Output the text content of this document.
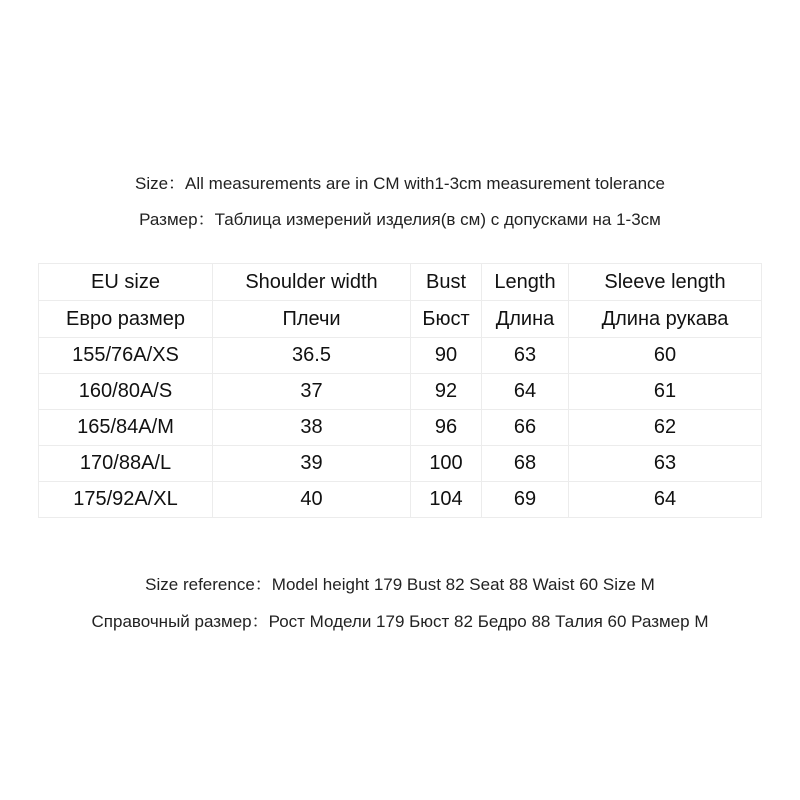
Size：All measurements are in CM with1-3cm measurement tolerance
Размер：Таблица измерений изделия(в см) с допусками на 1-3см
EU size	Shoulder width	Bust	Length	Sleeve length
Евро размер	Плечи	Бюст	Длина	Длина рукава
155/76A/XS	36.5	90	63	60
160/80A/S	37	92	64	61
165/84A/M	38	96	66	62
170/88A/L	39	100	68	63
175/92A/XL	40	104	69	64
Size reference：Model height 179 Bust 82 Seat 88 Waist 60 Size M
Справочный размер：Рост Модели 179 Бюст 82 Бедро 88 Талия 60 Размер M
